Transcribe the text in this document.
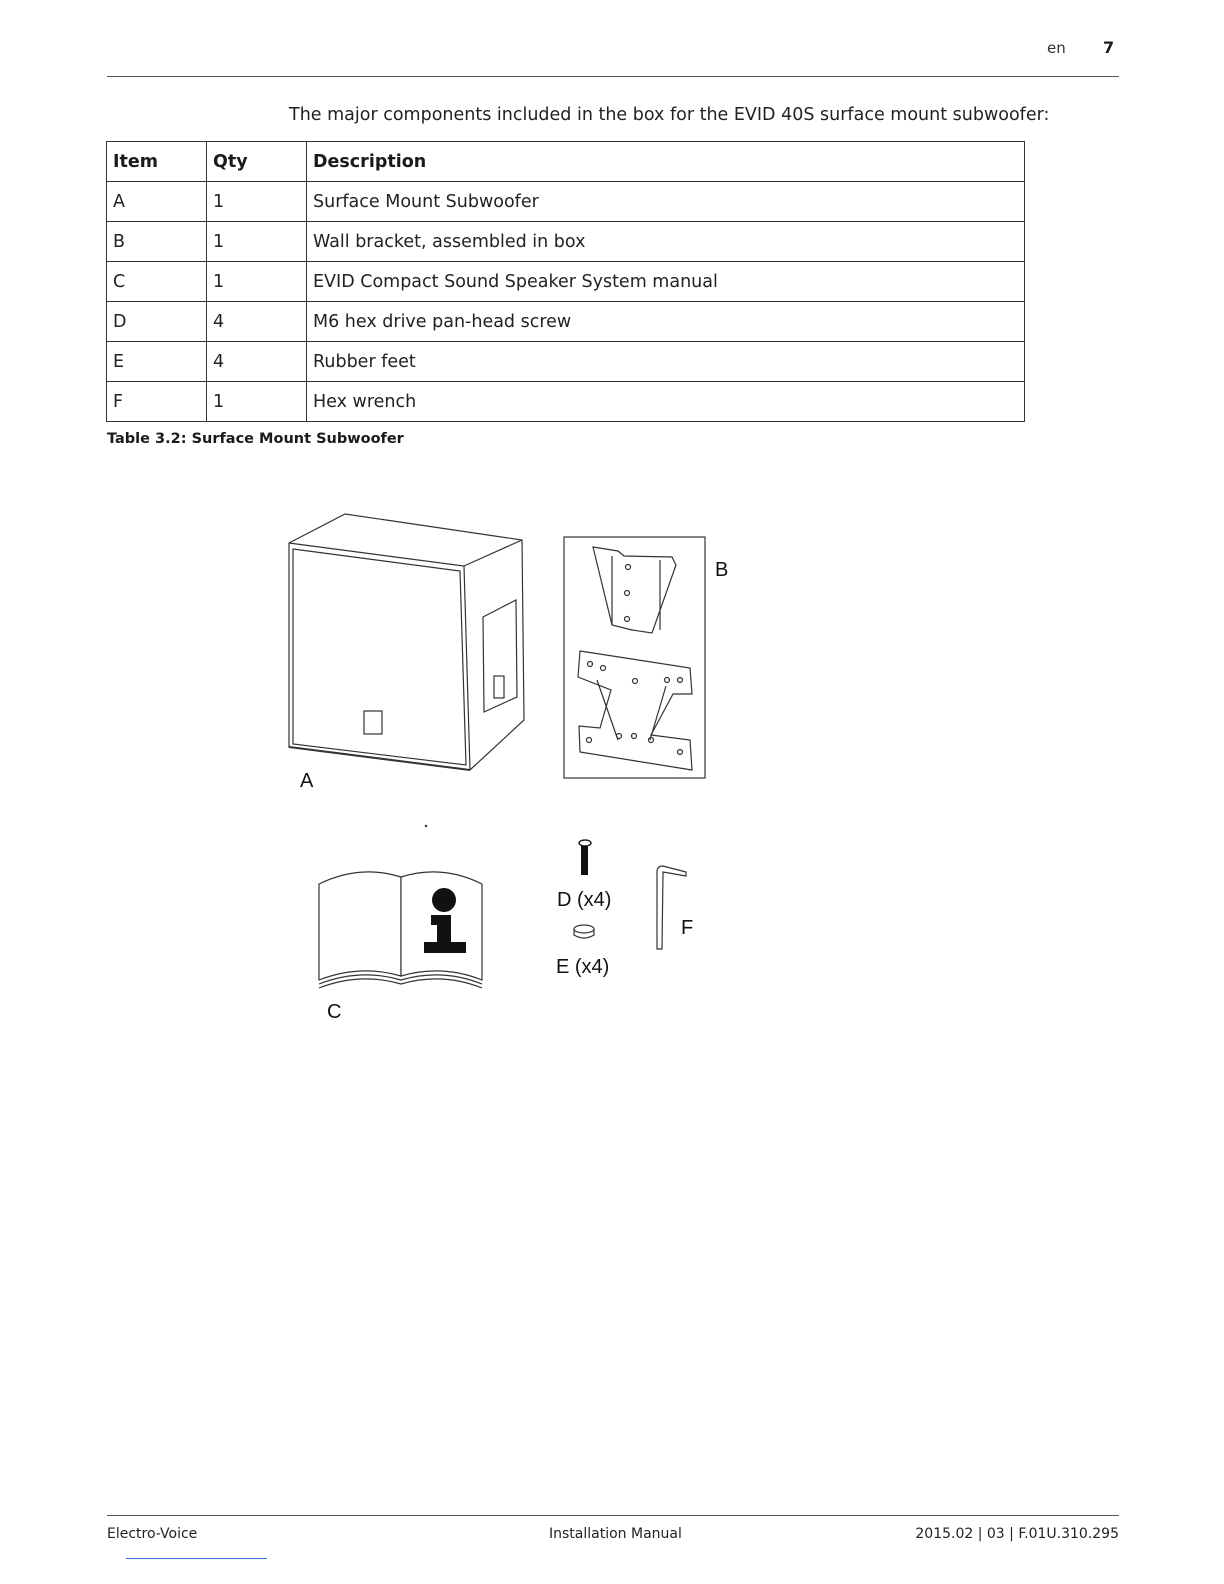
en 7
The major components included in the box for the EVID 40S surface mount subwoofer:
Item	Qty	Description
A	1	Surface Mount Subwoofer
B	1	Wall bracket, assembled in box
C	1	EVID Compact Sound Speaker System manual
D	4	M6 hex drive pan-head screw
E	4	Rubber feet
F	1	Hex wrench
Table 3.2: Surface Mount Subwoofer
A
B
C
D (x4)
E (x4)
F
Electro-Voice	Installation Manual	2015.02 | 03 | F.01U.310.295
